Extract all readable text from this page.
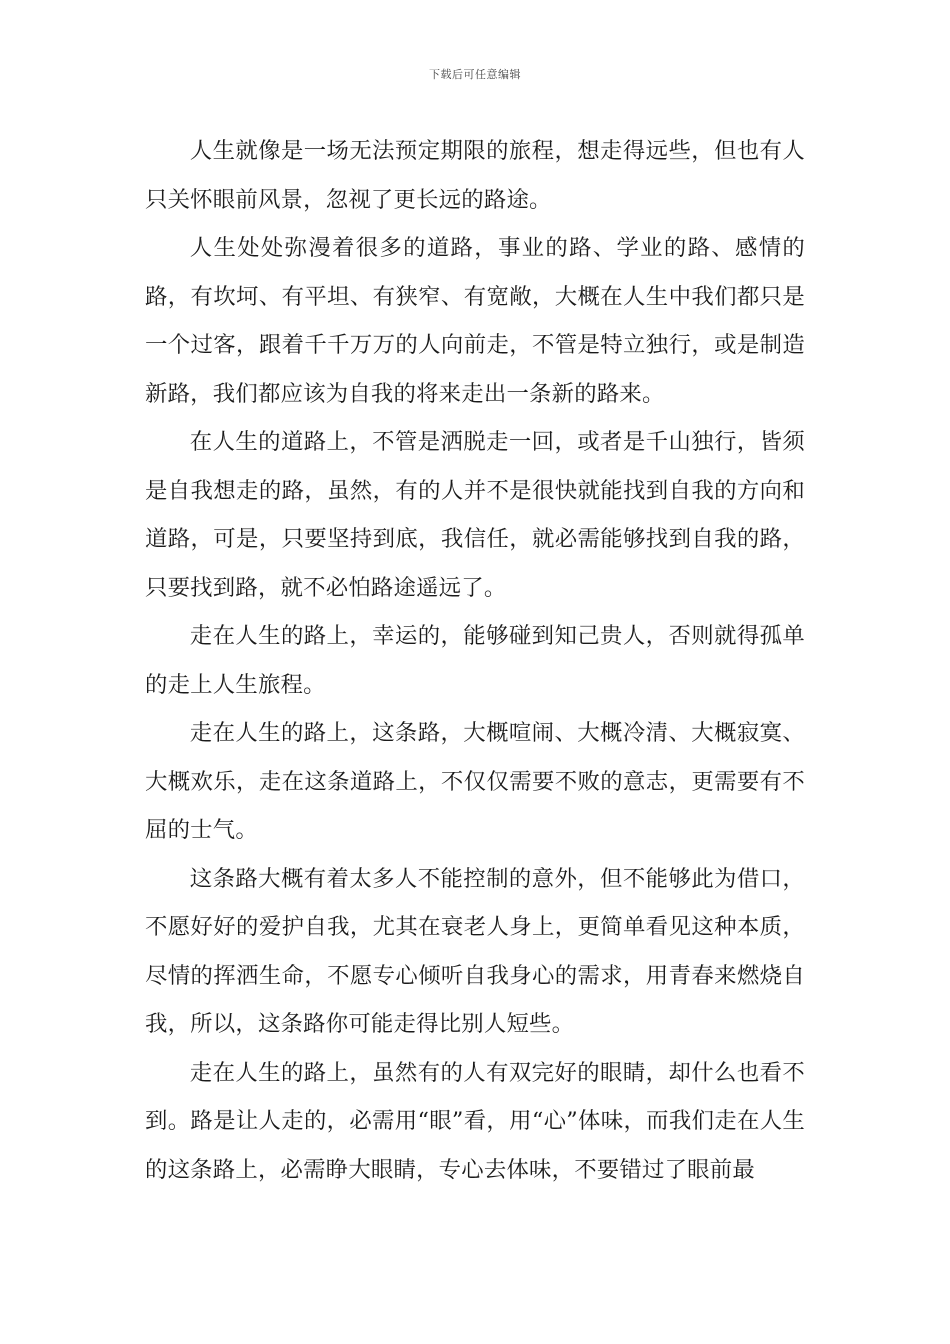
下载后可任意编辑

人生就像是一场无法预定期限的旅程，想走得远些，但也有人只关怀眼前风景，忽视了更长远的路途。

人生处处弥漫着很多的道路，事业的路、学业的路、感情的路，有坎坷、有平坦、有狭窄、有宽敞，大概在人生中我们都只是一个过客，跟着千千万万的人向前走，不管是特立独行，或是制造新路，我们都应该为自我的将来走出一条新的路来。

在人生的道路上，不管是洒脱走一回，或者是千山独行，皆须是自我想走的路，虽然，有的人并不是很快就能找到自我的方向和道路，可是，只要坚持到底，我信任，就必需能够找到自我的路，只要找到路，就不必怕路途遥远了。

走在人生的路上，幸运的，能够碰到知己贵人，否则就得孤单的走上人生旅程。

走在人生的路上，这条路，大概喧闹、大概冷清、大概寂寞、大概欢乐，走在这条道路上，不仅仅需要不败的意志，更需要有不屈的士气。

这条路大概有着太多人不能控制的意外，但不能够此为借口，不愿好好的爱护自我，尤其在衰老人身上，更简单看见这种本质，尽情的挥洒生命，不愿专心倾听自我身心的需求，用青春来燃烧自我，所以，这条路你可能走得比别人短些。

走在人生的路上，虽然有的人有双完好的眼睛，却什么也看不到。路是让人走的，必需用“眼”看，用“心”体味，而我们走在人生的这条路上，必需睁大眼睛，专心去体味，不要错过了眼前最
